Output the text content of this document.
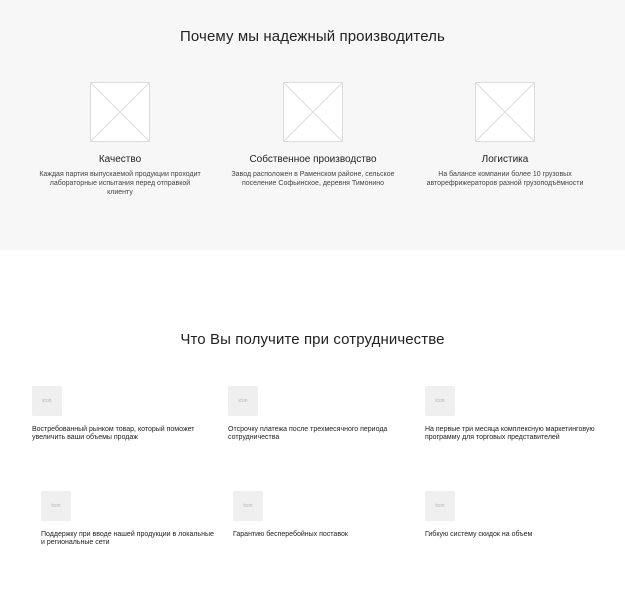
Почему мы надежный производитель
Качество
Каждая партия выпускаемой продукции проходит лабораторные испытания перед отправкой клиенту
Собственное производство
Завод расположен в Раменском районе, сельское поселение Софьинское, деревня Тимонино
Логистика
На балансе компании более 10 грузовых авторефрижераторов разной грузоподъёмности
Что Вы получите при сотрудничестве
icon
Востребованный рынком товар, который поможет увеличить ваши объемы продаж
icon
Отсрочку платежа после трехмесячного периода сотрудничества
icon
На первые три месяца комплексную маркетинговую программу для торговых представителей
icon
Поддержку при вводе нашей продукции в локальные и региональные сети
icon
Гарантию бесперебойных поставок
icon
Гибкую систему скидок на объем
